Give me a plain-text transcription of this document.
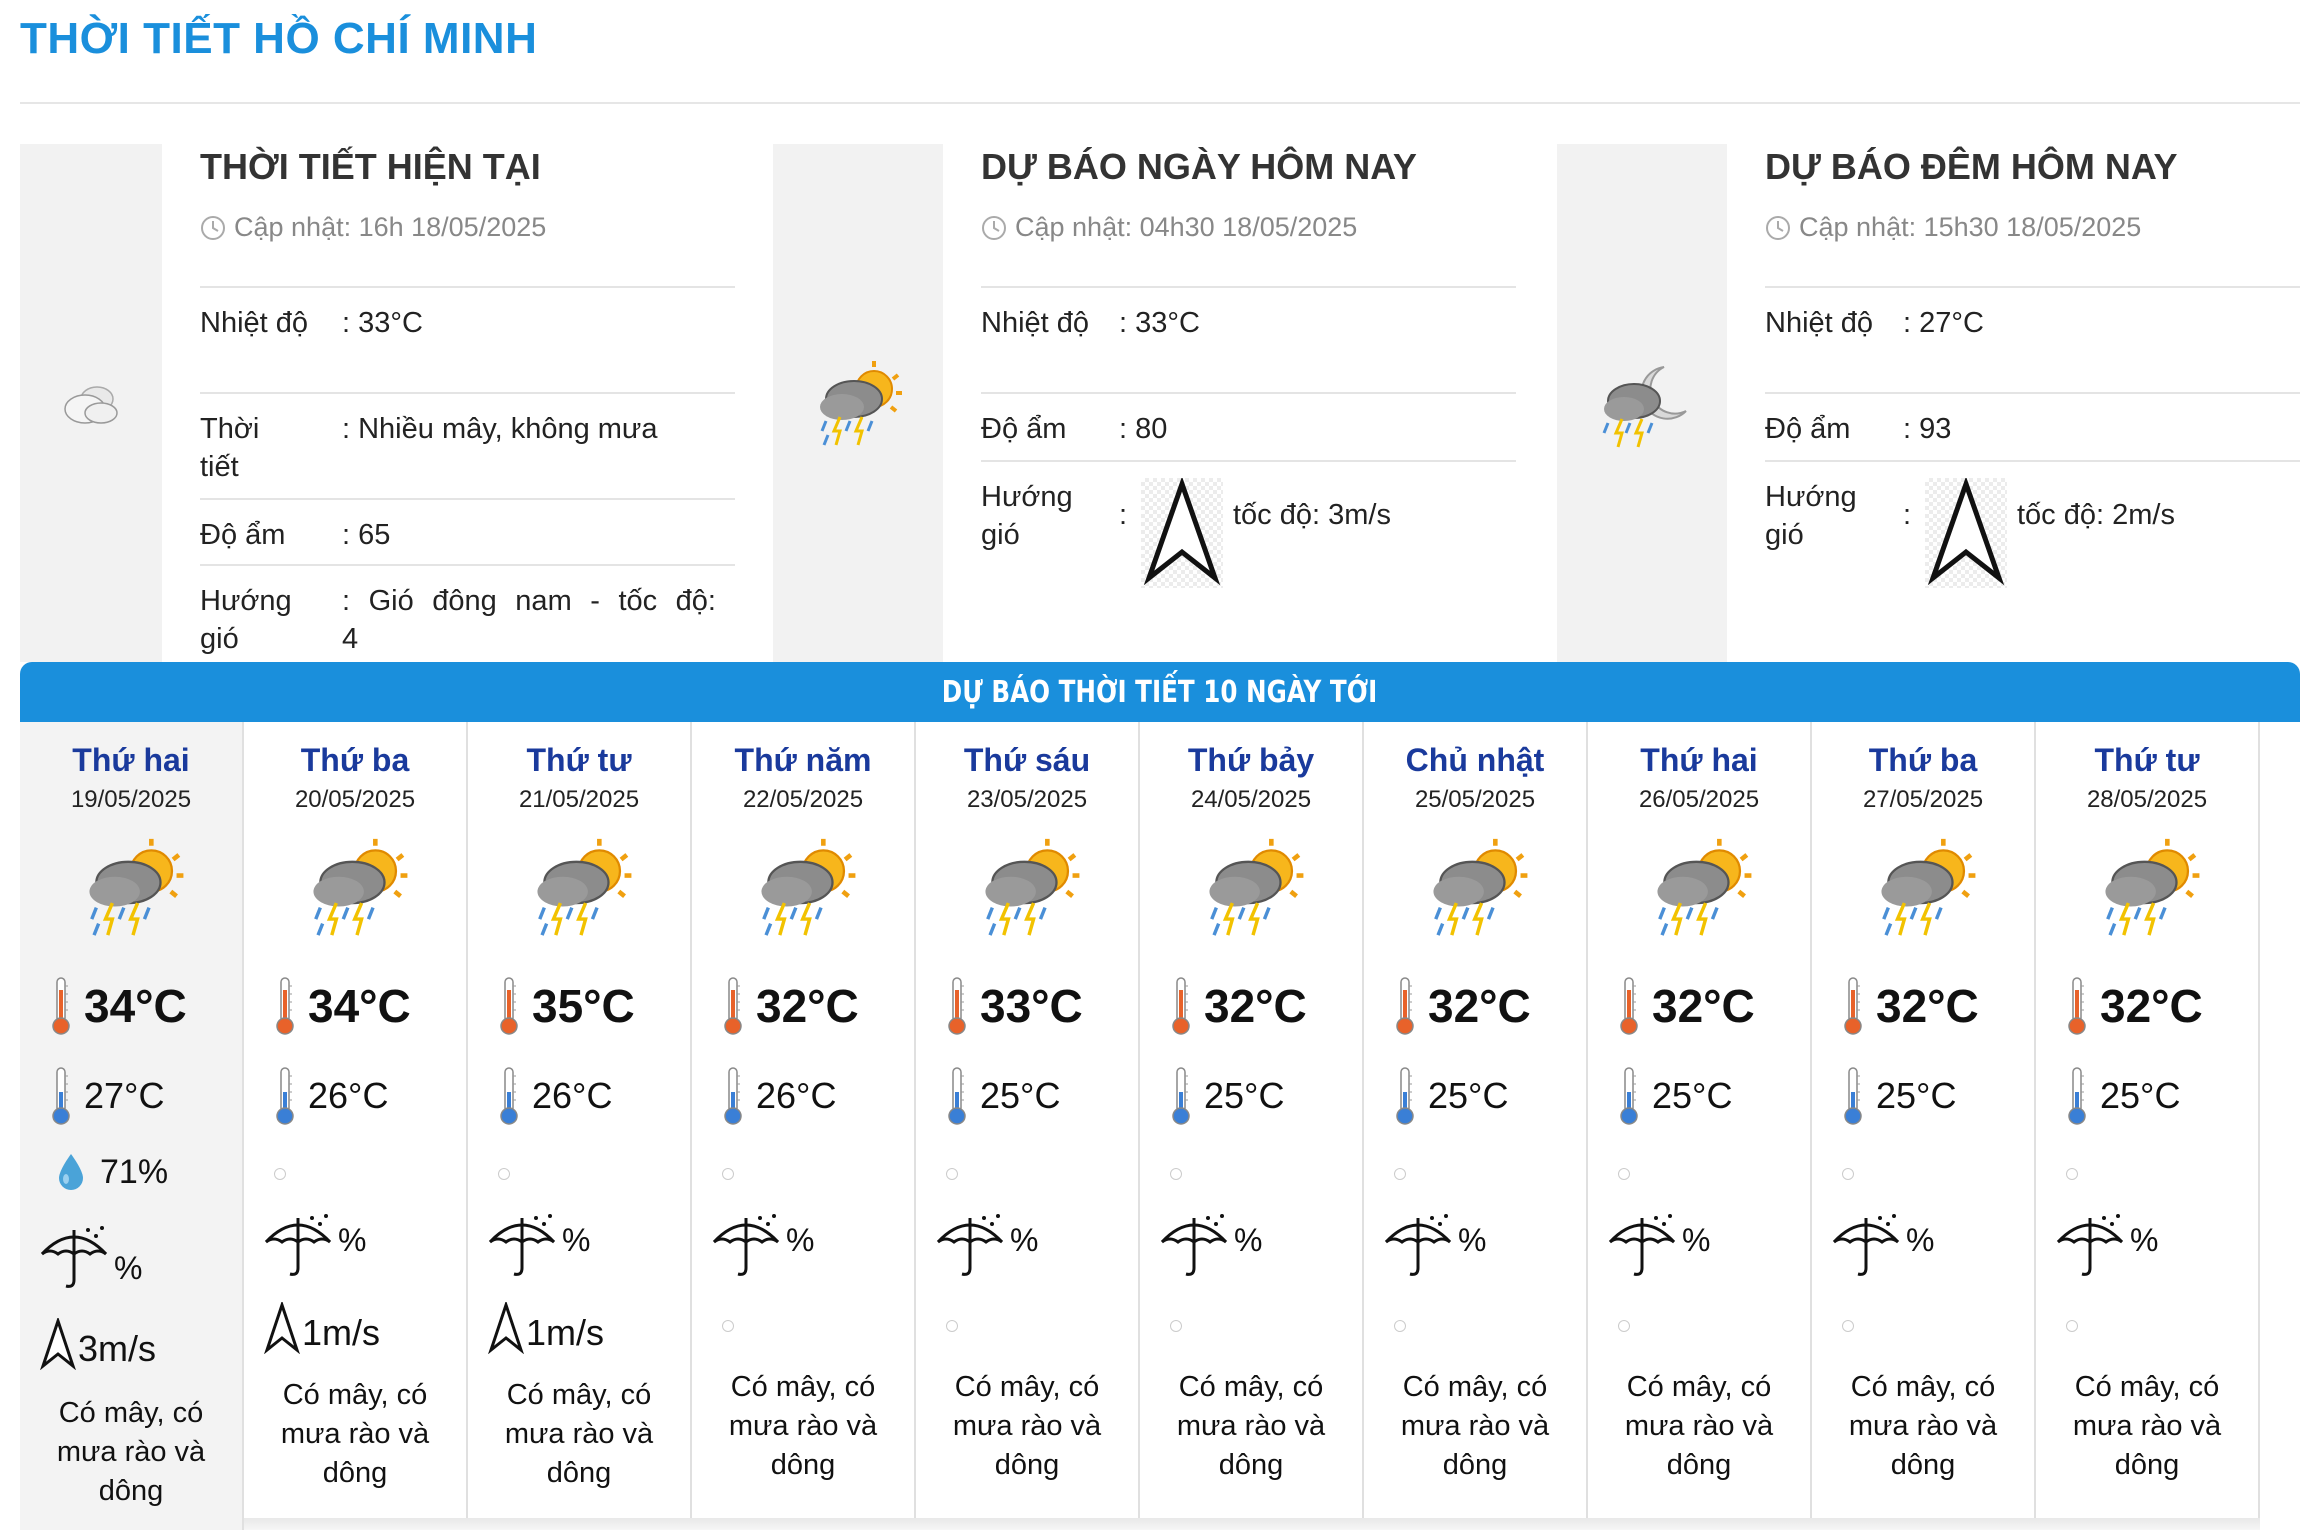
THỜI TIẾT HỒ CHÍ MINH
THỜI TIẾT HIỆN TẠI
Cập nhật: 16h 18/05/2025
Nhiệt độ	: 33°C
Thời tiết
: Nhiều mây, không mưa
Độ ẩm	: 65
Hướng gió
: Gió đông nam - tốc độ: 4
DỰ BÁO NGÀY HÔM NAY
Cập nhật: 04h30 18/05/2025
Nhiệt độ	: 33°C
Độ ẩm	: 80
Hướng gió
:	tốc độ: 3m/s
DỰ BÁO ĐÊM HÔM NAY
Cập nhật: 15h30 18/05/2025
Nhiệt độ	: 27°C
Độ ẩm	: 93
Hướng gió
:	tốc độ: 2m/s
DỰ BÁO THỜI TIẾT 10 NGÀY TỚI
Thứ hai
19/05/2025
34°C
27°C
71%
%
3m/s
Có mây, có
mưa rào và
dông
Thứ ba
20/05/2025
34°C
26°C
%
1m/s
Có mây, có
mưa rào và
dông
Thứ tư
21/05/2025
35°C
26°C
%
1m/s
Có mây, có
mưa rào và
dông
Thứ năm
22/05/2025
32°C
26°C
%
Có mây, có
mưa rào và
dông
Thứ sáu
23/05/2025
33°C
25°C
%
Có mây, có
mưa rào và
dông
Thứ bảy
24/05/2025
32°C
25°C
%
Có mây, có
mưa rào và
dông
Chủ nhật
25/05/2025
32°C
25°C
%
Có mây, có
mưa rào và
dông
Thứ hai
26/05/2025
32°C
25°C
%
Có mây, có
mưa rào và
dông
Thứ ba
27/05/2025
32°C
25°C
%
Có mây, có
mưa rào và
dông
Thứ tư
28/05/2025
32°C
25°C
%
Có mây, có
mưa rào và
dông
